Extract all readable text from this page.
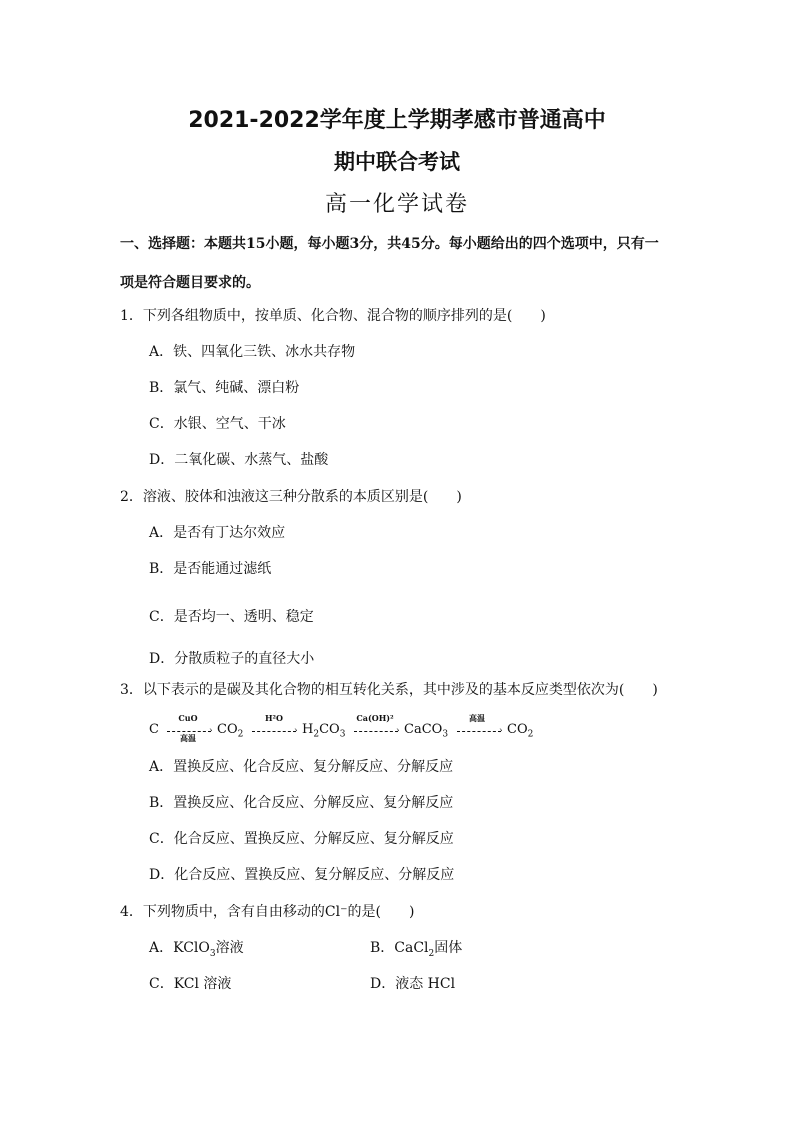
2021-2022学年度上学期孝感市普通高中
期中联合考试
高一化学试卷
一、选择题：本题共15小题，每小题3分，共45分。每小题给出的四个选项中，只有一
项是符合题目要求的。
1．下列各组物质中，按单质、化合物、混合物的顺序排列的是(　　)
A．铁、四氧化三铁、冰水共存物
B．氯气、纯碱、漂白粉
C．水银、空气、干冰
D．二氧化碳、水蒸气、盐酸
2．溶液、胶体和浊液这三种分散系的本质区别是(　　)
A．是否有丁达尔效应
B．是否能通过滤纸
C．是否均一、透明、稳定
D．分散质粒子的直径大小
3．以下表示的是碳及其化合物的相互转化关系，其中涉及的基本反应类型依次为(　　)
C
CuO
高温
› $CO_2$
H²O
› $H_2CO_3$
Ca(OH)²
› CaCO$_3$
高温
› $CO_2$
A．置换反应、化合反应、复分解反应、分解反应
B．置换反应、化合反应、分解反应、复分解反应
C．化合反应、置换反应、分解反应、复分解反应
D．化合反应、置换反应、复分解反应、分解反应
4．下列物质中，含有自由移动的Cl⁻的是(　　)
A．KClO$_3$溶液	B．CaCl$_2$固体
C．KCl 溶液	D．液态 HCl
